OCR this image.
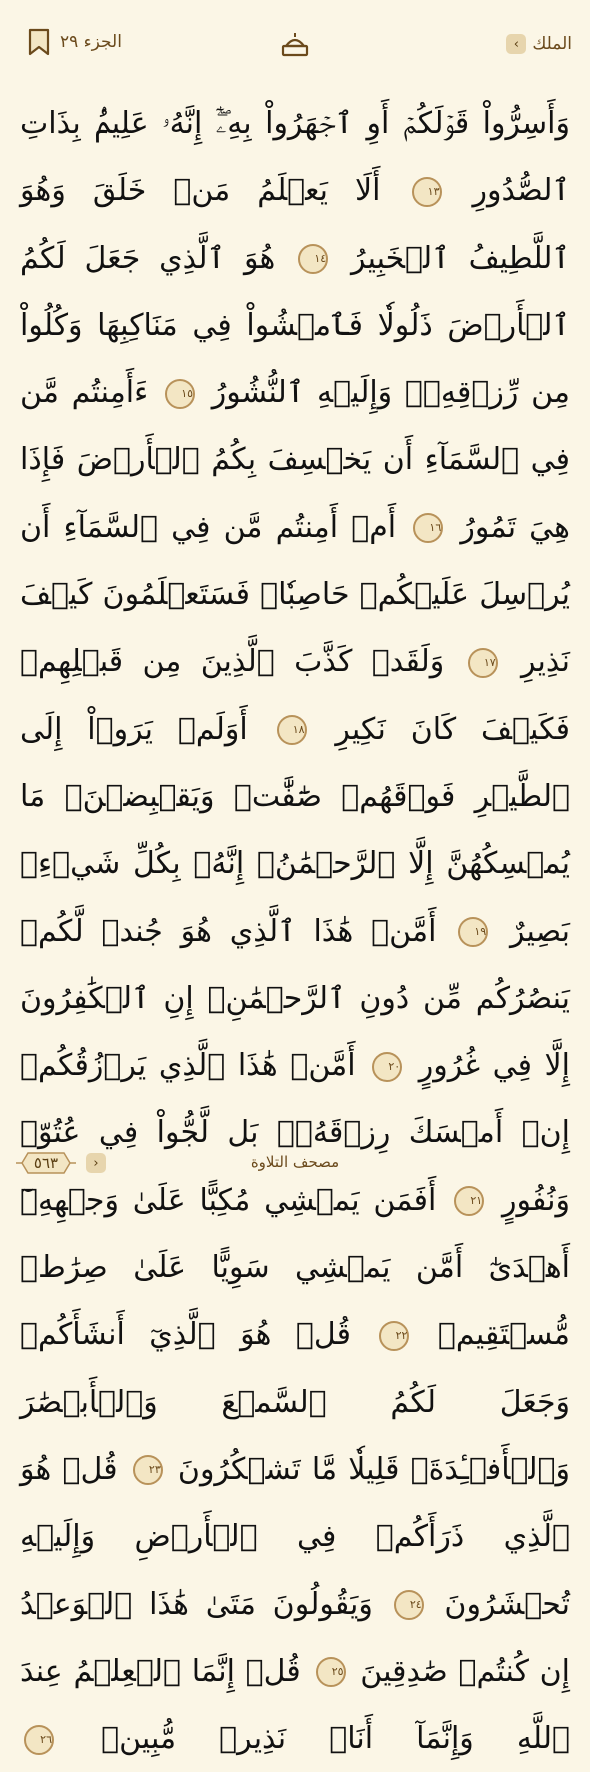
الملك
›
الجزء ٢٩
وَأَسِرُّواْ قَوۡلَكُمۡ أَوِ ٱجۡهَرُواْ بِهِۦٓۖ إِنَّهُۥ عَلِيمُۢ بِذَاتِ ٱلصُّدُورِ ١٣ أَلَا يَعۡلَمُ مَنۡ خَلَقَ وَهُوَ ٱللَّطِيفُ ٱلۡخَبِيرُ ١٤ هُوَ ٱلَّذِي جَعَلَ لَكُمُ ٱلۡأَرۡضَ ذَلُولٗا فَٱمۡشُواْ فِي مَنَاكِبِهَا وَكُلُواْ مِن رِّزۡقِهِۦۖ وَإِلَيۡهِ ٱلنُّشُورُ ١٥ ءَأَمِنتُم مَّن فِي ٱلسَّمَآءِ أَن يَخۡسِفَ بِكُمُ ٱلۡأَرۡضَ فَإِذَا هِيَ تَمُورُ ١٦ أَمۡ أَمِنتُم مَّن فِي ٱلسَّمَآءِ أَن يُرۡسِلَ عَلَيۡكُمۡ حَاصِبٗاۖ فَسَتَعۡلَمُونَ كَيۡفَ نَذِيرِ ١٧ وَلَقَدۡ كَذَّبَ ٱلَّذِينَ مِن قَبۡلِهِمۡ فَكَيۡفَ كَانَ نَكِيرِ ١٨ أَوَلَمۡ يَرَوۡاْ إِلَى ٱلطَّيۡرِ فَوۡقَهُمۡ صَٰٓفَّٰتٖ وَيَقۡبِضۡنَۚ مَا يُمۡسِكُهُنَّ إِلَّا ٱلرَّحۡمَٰنُۚ إِنَّهُۥ بِكُلِّ شَيۡءِۢ بَصِيرٌ ١٩ أَمَّنۡ هَٰذَا ٱلَّذِي هُوَ جُندٞ لَّكُمۡ يَنصُرُكُم مِّن دُونِ ٱلرَّحۡمَٰنِۚ إِنِ ٱلۡكَٰفِرُونَ إِلَّا فِي غُرُورٍ ٢٠ أَمَّنۡ هَٰذَا ٱلَّذِي يَرۡزُقُكُمۡ إِنۡ أَمۡسَكَ رِزۡقَهُۥۚ بَل لَّجُّواْ فِي عُتُوّٖ وَنُفُورٍ ٢١ أَفَمَن يَمۡشِي مُكِبًّا عَلَىٰ وَجۡهِهِۦٓ أَهۡدَىٰٓ أَمَّن يَمۡشِي سَوِيًّا عَلَىٰ صِرَٰطٖ مُّسۡتَقِيمٖ ٢٢ قُلۡ هُوَ ٱلَّذِيٓ أَنشَأَكُمۡ وَجَعَلَ لَكُمُ ٱلسَّمۡعَ وَٱلۡأَبۡصَٰرَ وَٱلۡأَفۡـِٔدَةَۚ قَلِيلٗا مَّا تَشۡكُرُونَ ٢٣ قُلۡ هُوَ ٱلَّذِي ذَرَأَكُمۡ فِي ٱلۡأَرۡضِ وَإِلَيۡهِ تُحۡشَرُونَ ٢٤ وَيَقُولُونَ مَتَىٰ هَٰذَا ٱلۡوَعۡدُ إِن كُنتُمۡ صَٰدِقِينَ ٢٥ قُلۡ إِنَّمَا ٱلۡعِلۡمُ عِندَ ٱللَّهِ وَإِنَّمَآ أَنَا۠ نَذِيرٞ مُّبِينٞ ٢٦
٥٦٣	›	مصحف التلاوة
